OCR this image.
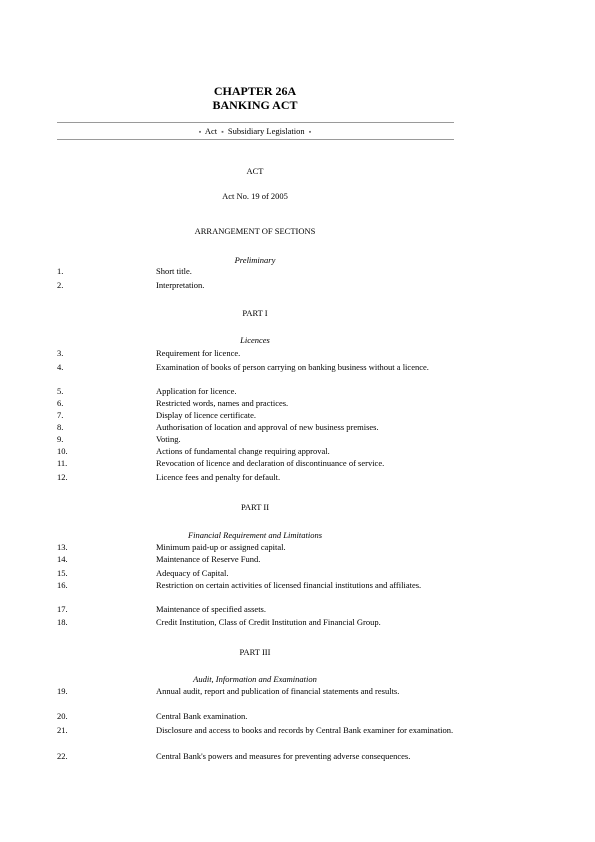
CHAPTER 26A
BANKING ACT
▪ Act ▪ Subsidiary Legislation ▪
ACT
Act No. 19 of 2005
ARRANGEMENT OF SECTIONS
Preliminary
1.	Short title.
2.	Interpretation.
PART I
Licences
3.	Requirement for licence.
4.	Examination of books of person carrying on banking business without a licence.
5.	Application for licence.
6.	Restricted words, names and practices.
7.	Display of licence certificate.
8.	Authorisation of location and approval of new business premises.
9.	Voting.
10.	Actions of fundamental change requiring approval.
11.	Revocation of licence and declaration of discontinuance of service.
12.	Licence fees and penalty for default.
PART II
Financial Requirement and Limitations
13.	Minimum paid-up or assigned capital.
14.	Maintenance of Reserve Fund.
15.	Adequacy of Capital.
16.	Restriction on certain activities of licensed financial institutions and affiliates.
17.	Maintenance of specified assets.
18.	Credit Institution, Class of Credit Institution and Financial Group.
PART III
Audit, Information and Examination
19.	Annual audit, report and publication of financial statements and results.
20.	Central Bank examination.
21.	Disclosure and access to books and records by Central Bank examiner for examination.
22.	Central Bank's powers and measures for preventing adverse consequences.
